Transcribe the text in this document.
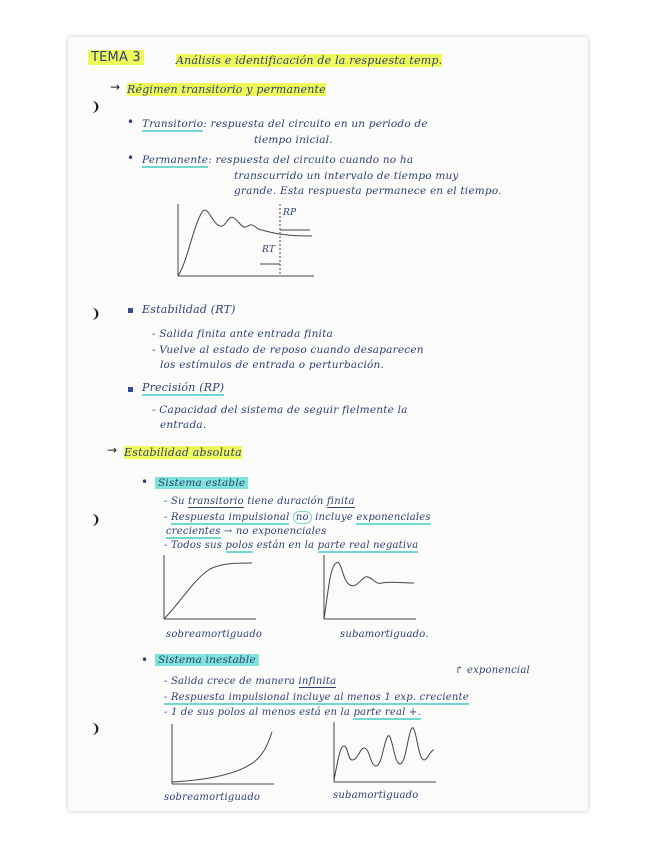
❩
❩
❩
❩
TEMA 3	Análisis e identificación de la respuesta temp.
→ Régimen transitorio y permanente
• Transitorio: respuesta del circuito en un periodo de
tiempo inicial.
• Permanente: respuesta del circuito cuando no ha
transcurrido un intervalo de tiempo muy
grande. Esta respuesta permanece en el tiempo.
RP
RT
Estabilidad (RT)
- Salida finita ante entrada finita
- Vuelve al estado de reposo cuando desaparecen
los estímulos de entrada o perturbación.
Precisión (RP)
- Capacidad del sistema de seguir fielmente la
entrada.
→ Estabilidad absoluta
• Sistema estable
- Su transitorio tiene duración finita
- Respuesta impulsional no incluye exponenciales
crecientes → no exponenciales
- Todos sus polos están en la parte real negativa
sobreamortiguado	subamortiguado.
• Sistema inestable
- Salida crece de manera infinita
↱ exponencial
- Respuesta impulsional incluye al menos 1 exp. creciente
- 1 de sus polos al menos está en la parte real +.
sobreamortiguado	subamortiguado
